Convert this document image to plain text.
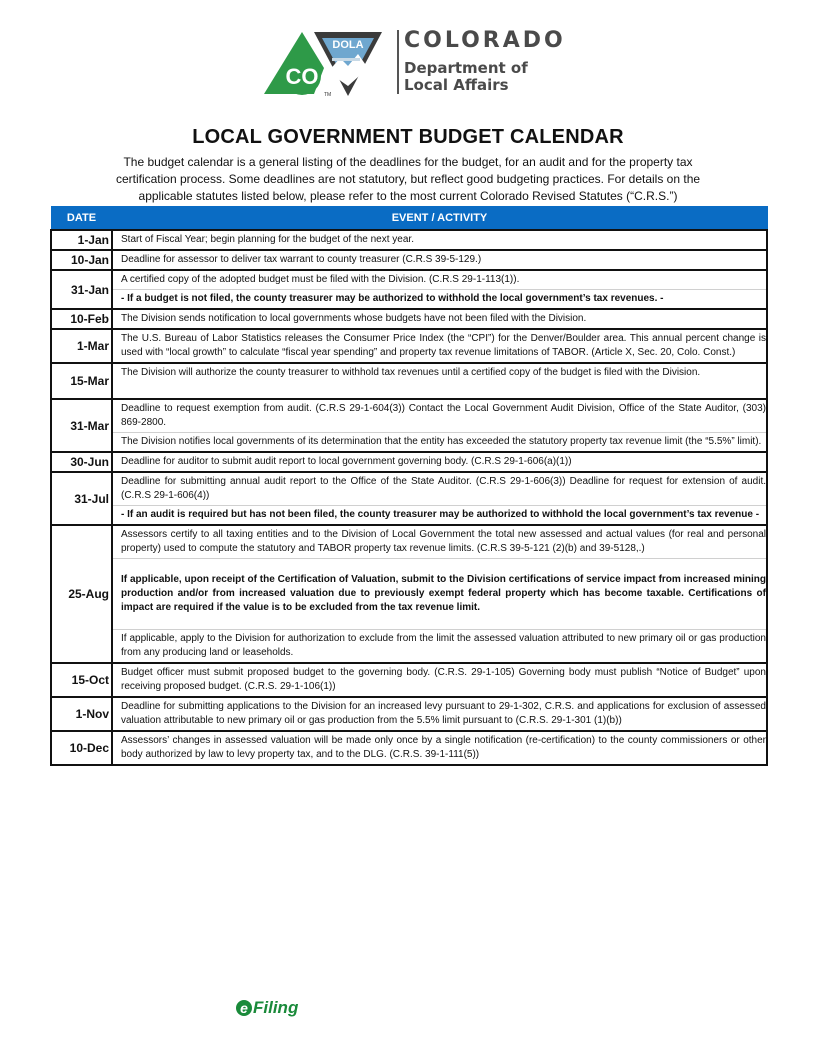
CO
DOLA
TM
COLORADO
Department of
Local Affairs
LOCAL GOVERNMENT BUDGET CALENDAR
The budget calendar is a general listing of the deadlines for the budget, for an audit and for the property tax certification process. Some deadlines are not statutory, but reflect good budgeting practices. For details on the applicable statutes listed below, please refer to the most current Colorado Revised Statutes (“C.R.S.”)
DATE	EVENT / ACTIVITY
1-Jan	Start of Fiscal Year; begin planning for the budget of the next year.
10-Jan	Deadline for assessor to deliver tax warrant to county treasurer (C.R.S 39-5-129.)
31-Jan	A certified copy of the adopted budget must be filed with the Division. (C.R.S 29-1-113(1)).
	- If a budget is not filed, the county treasurer may be authorized to withhold the local government’s tax revenues. -
10-Feb	The Division sends notification to local governments whose budgets have not been filed with the Division.
1-Mar	The U.S. Bureau of Labor Statistics releases the Consumer Price Index (the “CPI”) for the Denver/Boulder area. This annual percent change is used with “local growth” to calculate “fiscal year spending” and property tax revenue limitations of TABOR. (Article X, Sec. 20, Colo. Const.)
15-Mar	The Division will authorize the county treasurer to withhold tax revenues until a certified copy of the budget is filed with the Division.
31-Mar	Deadline to request exemption from audit. (C.R.S 29-1-604(3)) Contact the Local Government Audit Division, Office of the State Auditor, (303) 869-2800.
	The Division notifies local governments of its determination that the entity has exceeded the statutory property tax revenue limit (the “5.5%” limit).
30-Jun	Deadline for auditor to submit audit report to local government governing body. (C.R.S 29-1-606(a)(1))
31-Jul	Deadline for submitting annual audit report to the Office of the State Auditor. (C.R.S 29-1-606(3)) Deadline for request for extension of audit. (C.R.S 29-1-606(4))
	- If an audit is required but has not been filed, the county treasurer may be authorized to withhold the local government’s tax revenue -
25-Aug	Assessors certify to all taxing entities and to the Division of Local Government the total new assessed and actual values (for real and personal property) used to compute the statutory and TABOR property tax revenue limits. (C.R.S 39-5-121 (2)(b) and 39-5128,.)
	If applicable, upon receipt of the Certification of Valuation, submit to the Division certifications of service impact from increased mining production and/or from increased valuation due to previously exempt federal property which has become taxable. Certifications of impact are required if the value is to be excluded from the tax revenue limit.
	If applicable, apply to the Division for authorization to exclude from the limit the assessed valuation attributed to new primary oil or gas production from any producing land or leaseholds.
15-Oct	Budget officer must submit proposed budget to the governing body. (C.R.S. 29-1-105) Governing body must publish “Notice of Budget” upon receiving proposed budget. (C.R.S. 29-1-106(1))
1-Nov	Deadline for submitting applications to the Division for an increased levy pursuant to 29-1-302, C.R.S. and applications for exclusion of assessed valuation attributable to new primary oil or gas production from the 5.5% limit pursuant to (C.R.S. 29-1-301 (1)(b))
10-Dec	Assessors’ changes in assessed valuation will be made only once by a single notification (re-certification) to the county commissioners or other body authorized by law to levy property tax, and to the DLG. (C.R.S. 39-1-111(5))
e Filing
